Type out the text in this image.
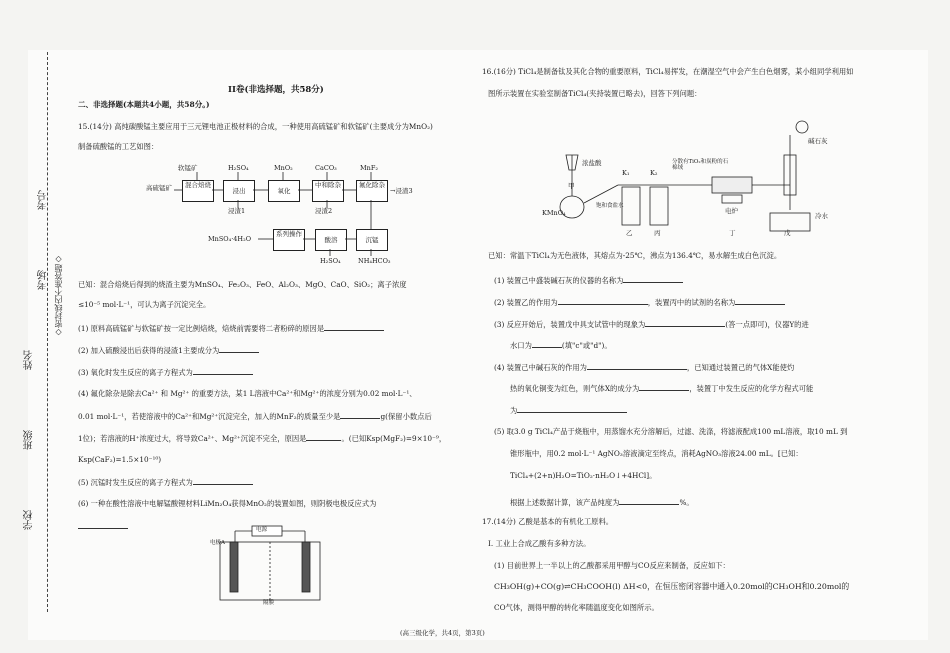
学校
班级
姓名
考场
考号
◇密封线内不准答题◇
II卷(非选择题，共58分)
二、非选择题(本题共4小题，共58分。)
15.(14分) 高纯碳酸锰主要应用于三元锂电池正极材料的合成，一种使用高硫锰矿和软锰矿(主要成分为MnO₂)
制备硫酸锰的工艺如图：
软锰矿
高硫锰矿	混合焙烧
H₂SO₄
浸出
MnO₂
氧化
CaCO₃
中和除杂
MnF₂
氟化除杂
→浸渣3
浸渣1	浸渣2
MnSO₄·4H₂O
系列操作
酸溶	沉锰
H₂SO₄	NH₄HCO₃
已知：混合焙烧后得到的烧渣主要为MnSO₄、Fe₂O₃、FeO、Al₂O₃、MgO、CaO、SiO₂；离子浓度
≤10⁻⁵ mol·L⁻¹，可认为离子沉淀完全。
(1) 原料高硫锰矿与软锰矿按一定比例焙烧，焙烧前需要将二者粉碎的原因是
(2) 加入硫酸浸出后获得的浸渣1主要成分为
(3) 氧化时发生反应的离子方程式为
(4) 氟化除杂是除去Ca²⁺ 和 Mg²⁺ 的重要方法，某1 L溶液中Ca²⁺和Mg²⁺的浓度分别为0.02 mol·L⁻¹、
0.01 mol·L⁻¹，若使溶液中的Ca²⁺和Mg²⁺沉淀完全，加入的MnF₂的质量至少是	g(保留小数点后
1位)；若溶液的H⁺浓度过大，将导致Ca²⁺、Mg²⁺沉淀不完全，原因是	。(已知Ksp(MgF₂)=9×10⁻⁹，
Ksp(CaF₂)=1.5×10⁻¹⁰)
(5) 沉锰时发生反应的离子方程式为
(6) 一种在酸性溶液中电解锰酸锂材料LiMn₂O₄获得MnO₂的装置如图，则阴极电极反应式为
电源
电极A
隔膜
16.(16分) TiCl₄是制备钛及其化合物的重要原料，TiCl₄易挥发，在潮湿空气中会产生白色烟雾，某小组同学利用如
图所示装置在实验室制备TiCl₄(夹持装置已略去)，回答下列问题：
甲
乙	丙	丁	戊
KMnO₄
浓盐酸
K₁	K₂
饱和食盐水
分散有TiO₂和炭粉的石棉绒
电炉
冷水
碱石灰
已知：常温下TiCl₄为无色液体，其熔点为-25℃，沸点为136.4℃，易水解生成白色沉淀。
(1) 装置己中盛装碱石灰的仪器的名称为
(2) 装置乙的作用为	，装置丙中的试剂的名称为
(3) 反应开始后，装置戊中具支试管中的现象为	(答一点即可)，仪器Y的进
水口为	(填"c"或"d")。
(4) 装置己中碱石灰的作用为	，已知通过装置己的气体X能使灼
热的氧化铜变为红色，则气体X的成分为	，装置丁中发生反应的化学方程式可能
为
(5) 取3.0 g TiCl₄产品于烧瓶中，用蒸馏水充分溶解后，过滤、洗涤，将滤液配成100 mL溶液，取10 mL 到
锥形瓶中，用0.2 mol·L⁻¹ AgNO₃溶液滴定至终点，消耗AgNO₃溶液24.00 mL。[已知：
TiCl₄+(2+n)H₂O=TiO₂·nH₂O↓+4HCl]。
根据上述数据计算，该产品纯度为	%。
17.(14分) 乙酸是基本的有机化工原料。
I. 工业上合成乙酸有多种方法。
(1) 目前世界上一半以上的乙酸都采用甲醇与CO反应来制备，反应如下：
CH₃OH(g)+CO(g)⇌CH₃COOH(l) ΔH<0，在恒压密闭容器中通入0.20mol的CH₃OH和0.20mol的
CO气体，测得甲醇的转化率随温度变化如图所示。
(高三级化学，共4页，第3页)
